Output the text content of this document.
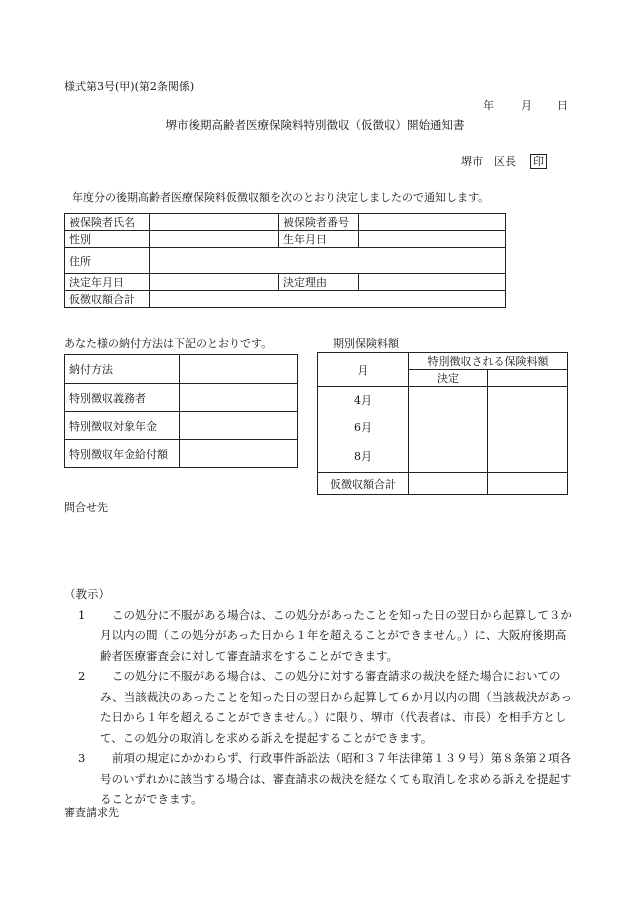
様式第3号(甲)(第2条関係)
年 月 日
堺市後期高齢者医療保険料特別徴収（仮徴収）開始通知書
堺市　区長 印
年度分の後期高齢者医療保険料仮徴収額を次のとおり決定しましたので通知します。
被保険者氏名		被保険者番号	
性別		生年月日	
住所			
決定年月日		決定理由	
仮徴収額合計			
あなた様の納付方法は下記のとおりです。	期別保険料額
納付方法	
特別徴収義務者	
特別徴収対象年金	
特別徴収年金給付額	
月	特別徴収される保険料額	
	決定	
4月		
6月		
8月		
仮徴収額合計		
問合せ先
（教示）
1	この処分に不服がある場合は、この処分があったことを知った日の翌日から起算して３か
月以内の間（この処分があった日から１年を超えることができません。）に、大阪府後期高
齢者医療審査会に対して審査請求をすることができます。
2	この処分に不服がある場合は、この処分に対する審査請求の裁決を経た場合においての
み、当該裁決のあったことを知った日の翌日から起算して６か月以内の間（当該裁決があっ
た日から１年を超えることができません。）に限り、堺市（代表者は、市長）を相手方とし
て、この処分の取消しを求める訴えを提起することができます。
3	前項の規定にかかわらず、行政事件訴訟法（昭和３７年法律第１３９号）第８条第２項各
号のいずれかに該当する場合は、審査請求の裁決を経なくても取消しを求める訴えを提起す
ることができます。
審査請求先
